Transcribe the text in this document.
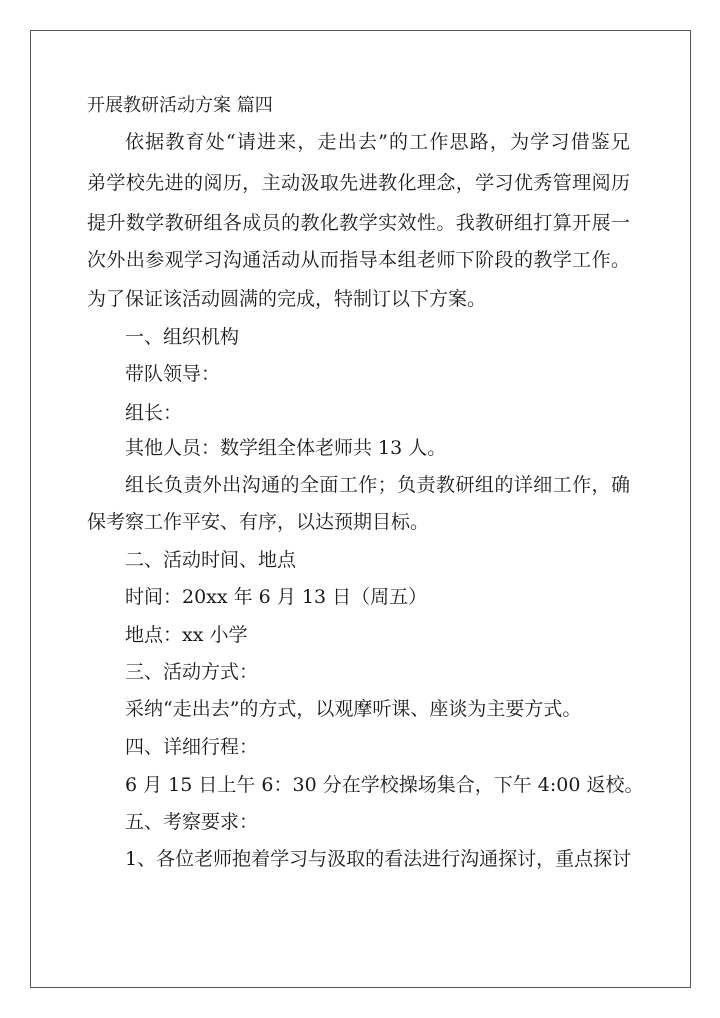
开展教研活动方案 篇四
依据教育处“请进来，走出去”的工作思路，为学习借鉴兄
弟学校先进的阅历，主动汲取先进教化理念，学习优秀管理阅历
提升数学教研组各成员的教化教学实效性。我教研组打算开展一
次外出参观学习沟通活动从而指导本组老师下阶段的教学工作。
为了保证该活动圆满的完成，特制订以下方案。
一、组织机构
带队领导：
组长：
其他人员：数学组全体老师共 13 人。
组长负责外出沟通的全面工作；负责教研组的详细工作，确
保考察工作平安、有序，以达预期目标。
二、活动时间、地点
时间：20xx 年 6 月 13 日（周五）
地点：xx 小学
三、活动方式：
采纳“走出去”的方式，以观摩听课、座谈为主要方式。
四、详细行程：
6 月 15 日上午 6：30 分在学校操场集合，下午 4:00 返校。
五、考察要求：
1、各位老师抱着学习与汲取的看法进行沟通探讨，重点探讨
